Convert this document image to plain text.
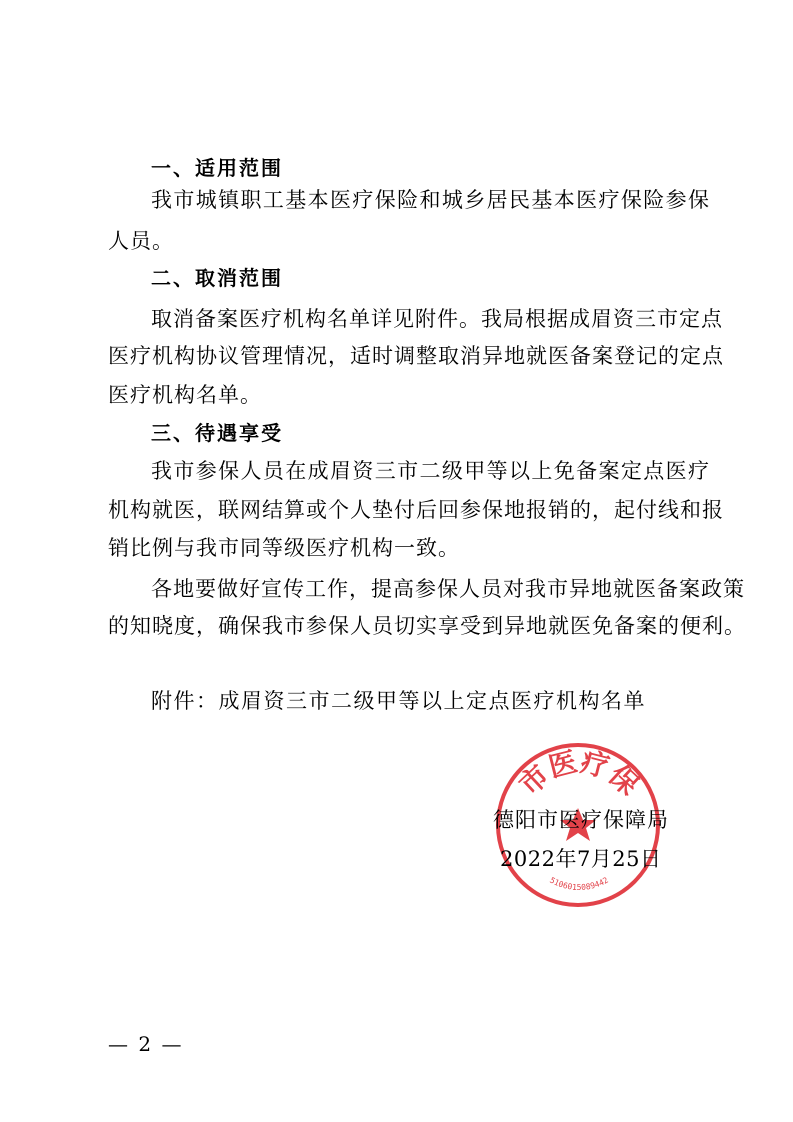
一、适用范围
我市城镇职工基本医疗保险和城乡居民基本医疗保险参保
人员。
二、取消范围
取消备案医疗机构名单详见附件。我局根据成眉资三市定点
医疗机构协议管理情况，适时调整取消异地就医备案登记的定点
医疗机构名单。
三、待遇享受
我市参保人员在成眉资三市二级甲等以上免备案定点医疗
机构就医，联网结算或个人垫付后回参保地报销的，起付线和报
销比例与我市同等级医疗机构一致。
各地要做好宣传工作，提高参保人员对我市异地就医备案政策
的知晓度，确保我市参保人员切实享受到异地就医免备案的便利。
附件：成眉资三市二级甲等以上定点医疗机构名单
市医疗保
5106015089442
德阳市医疗保障局
2022年7月25日
— 2 —
